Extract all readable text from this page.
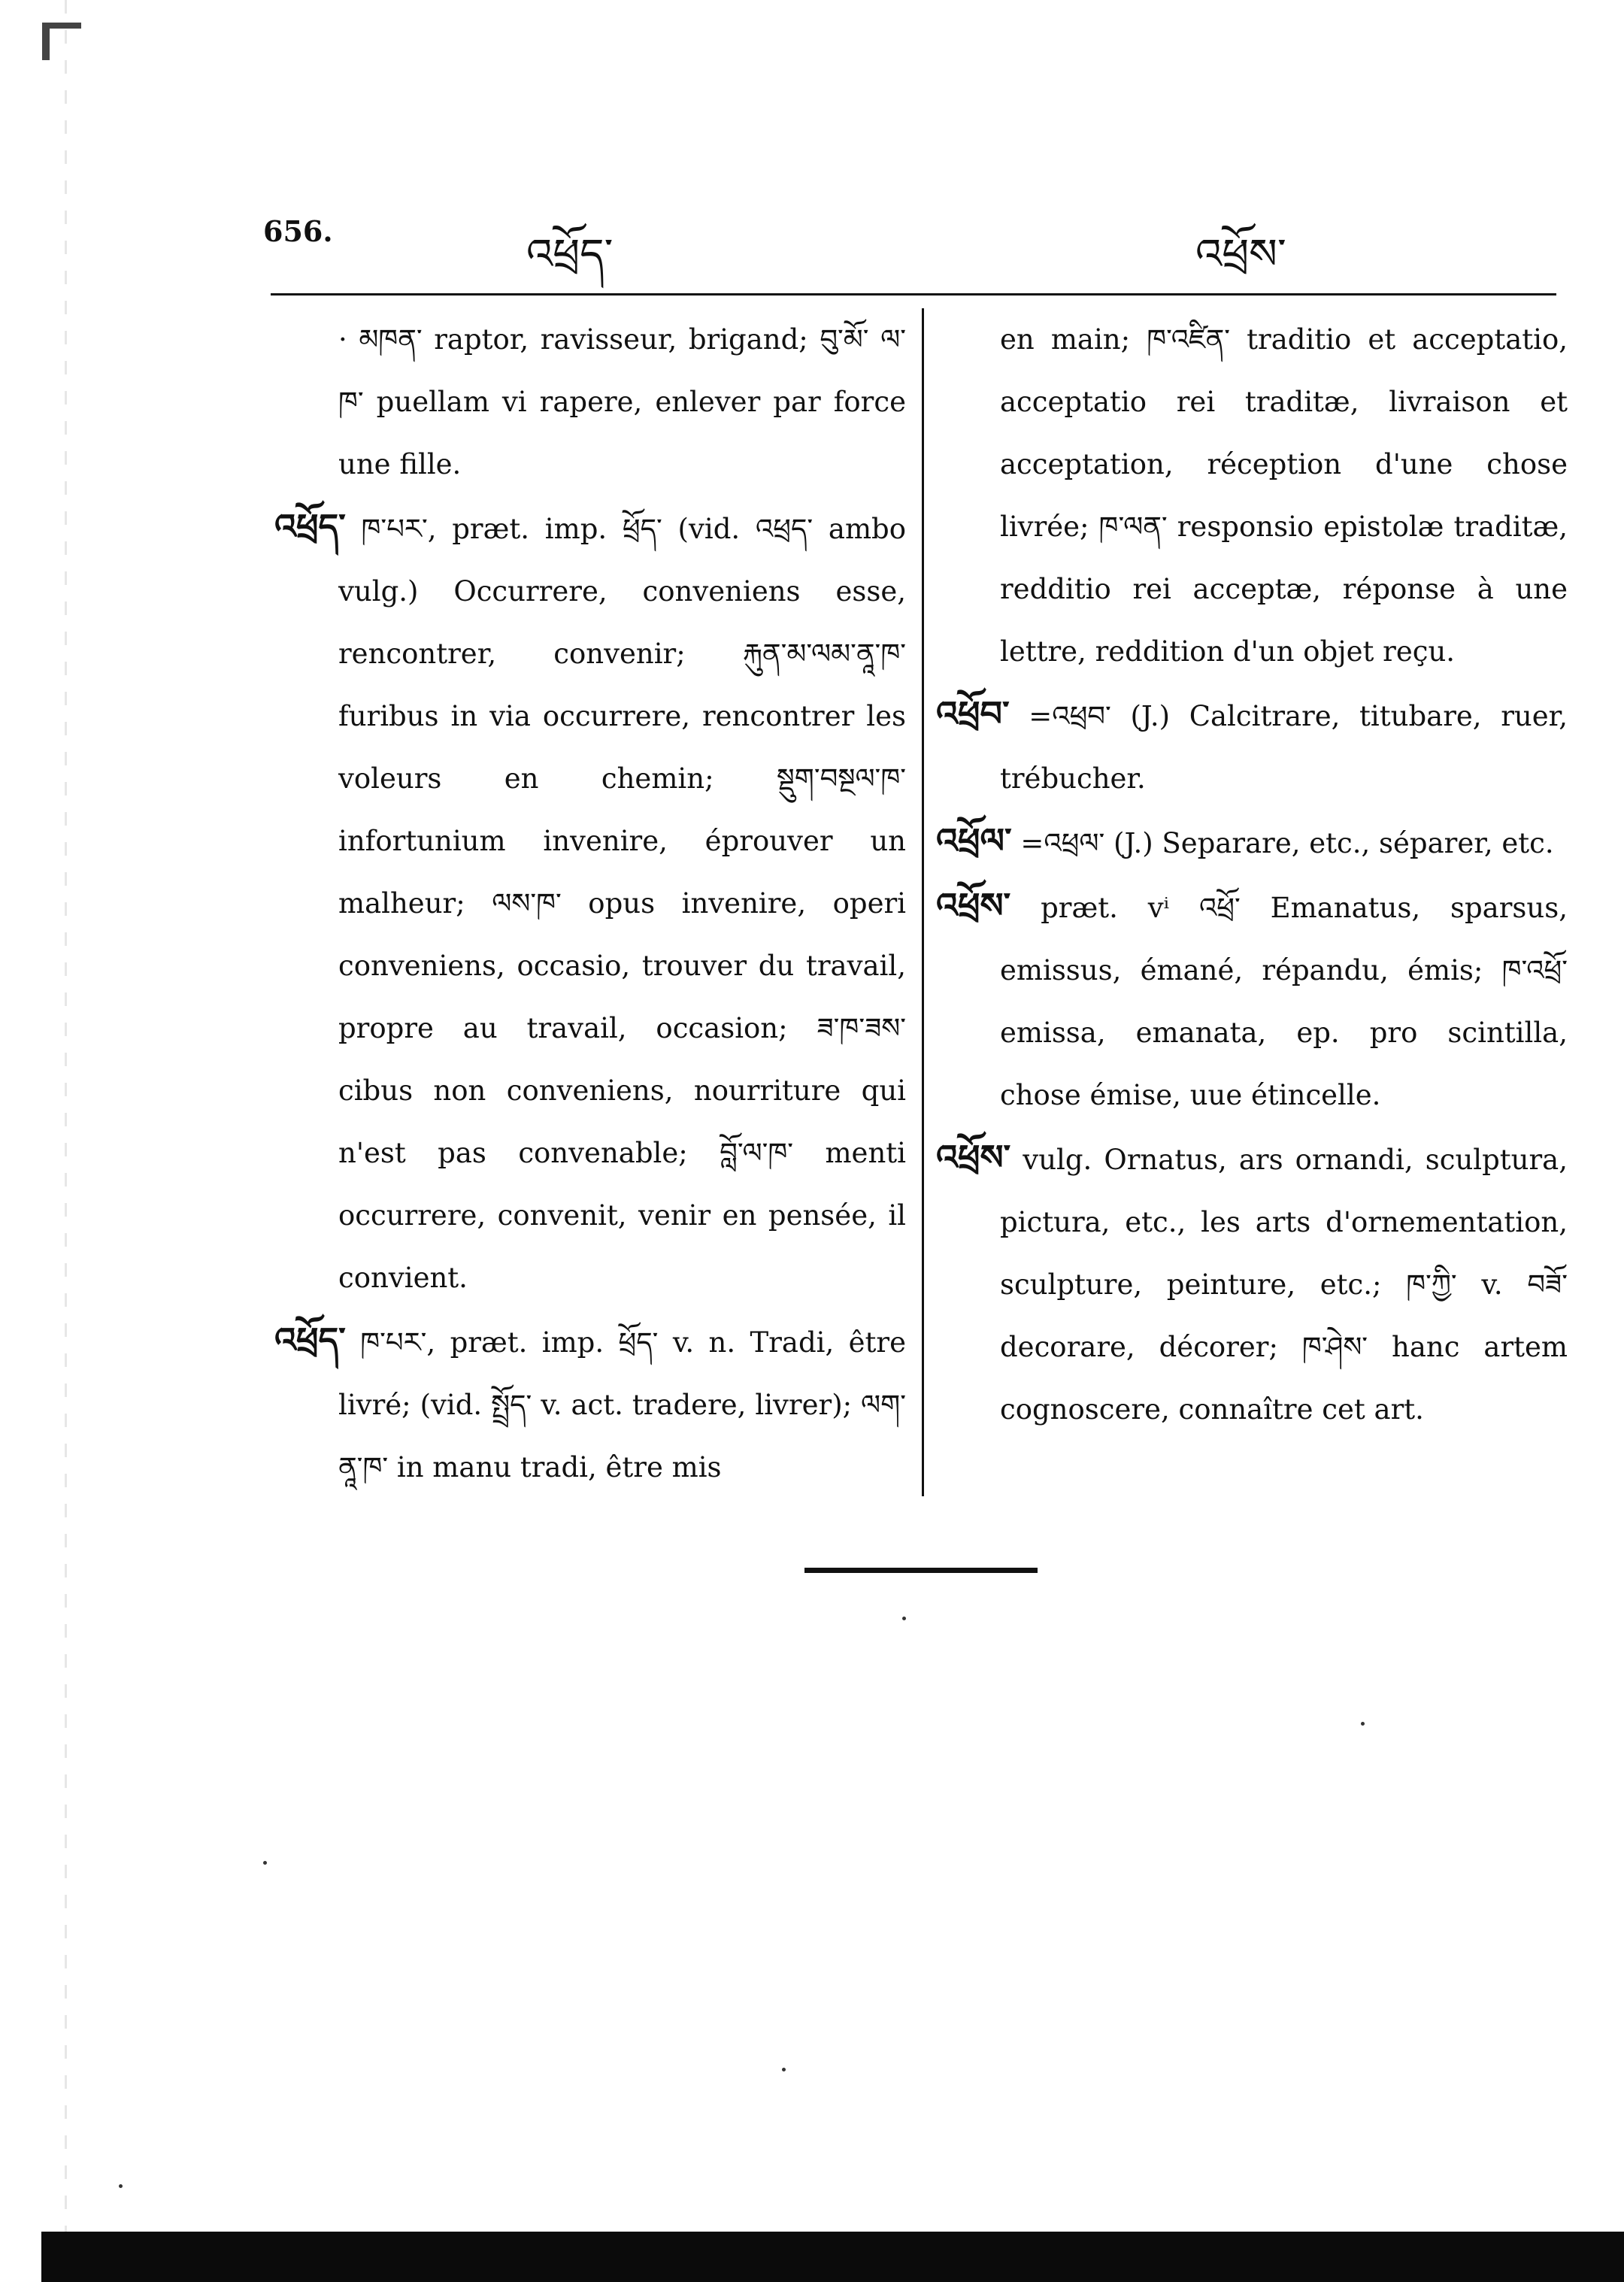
656.	འཕྲོད་	འཕྲོས་

· མཁན་ raptor, ravisseur, brigand; བུ་མོ་ ལ་ཁ་ puellam vi rapere, enlever par force une fille.

འཕྲོད་ ཁ་པར་, præt. imp. ཕྲོད་ (vid. འཕྲད་ ambo vulg.) Occurrere, conveniens esse, rencontrer, convenir; རྐུན་མ་ལམ་ནཱ་ཁ་ furibus in via occurrere, rencontrer les voleurs en chemin; སྡུག་བསྔལ་ཁ་ infortunium invenire, éprouver un malheur; ལས་ཁ་ opus invenire, operi conveniens, occasio, trouver du travail, propre au travail, occasion; ཟ་ཁ་ཟས་ cibus non conveniens, nourriture qui n'est pas convenable; བློ་ལ་ཁ་ menti occurrere, convenit, venir en pensée, il convient.

འཕྲོད་ ཁ་པར་, præt. imp. ཕྲོད་ v. n. Tradi, être livré; (vid. སྤྲོད་ v. act. tradere, livrer); ལག་ནཱ་ཁ་ in manu tradi, être mis

en main; ཁ་འཛིན་ traditio et acceptatio, acceptatio rei traditæ, livraison et acceptation, réception d'une chose livrée; ཁ་ལན་ responsio epistolæ traditæ, redditio rei acceptæ, réponse à une lettre, reddition d'un objet reçu.

འཕྲོབ་ =འཕྲབ་ (J.) Calcitrare, titubare, ruer, trébucher.

འཕྲོལ་ =འཕྲལ་ (J.) Separare, etc., séparer, etc.

འཕྲོས་ præt. vⁱ འཕྲོ་ Emanatus, sparsus, emissus, émané, répandu, émis; ཁ་འཕྲོ་ emissa, emanata, ep. pro scintilla, chose émise, uue étincelle.

འཕྲོས་ vulg. Ornatus, ars ornandi, sculptura, pictura, etc., les arts d'ornementation, sculpture, peinture, etc.; ཁ་ཀྱི་ v. བཟོ་ decorare, décorer; ཁ་ཤེས་ hanc artem cognoscere, connaître cet art.
